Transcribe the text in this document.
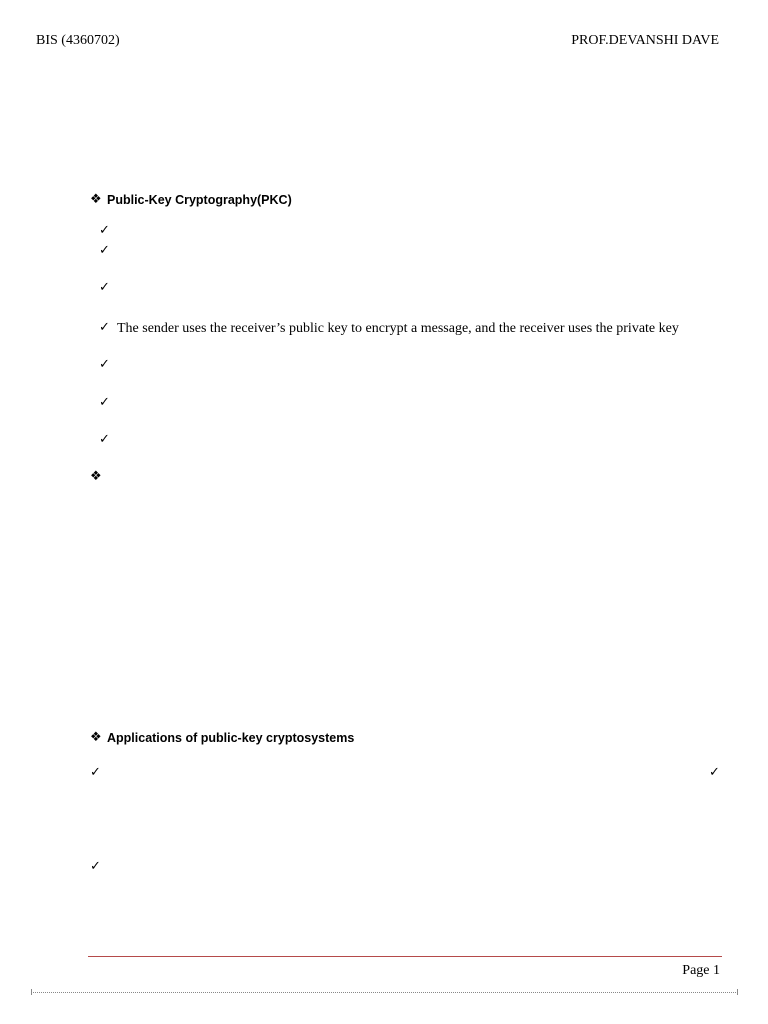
BIS (4360702)	PROF.DEVANSHI DAVE
❖ Public-Key Cryptography(PKC)
✓
✓
✓
✓ The sender uses the receiver’s public key to encrypt a message, and the receiver uses the private key
✓
✓
✓
❖
❖ Applications of public-key cryptosystems
✓	✓
✓
Page 1
